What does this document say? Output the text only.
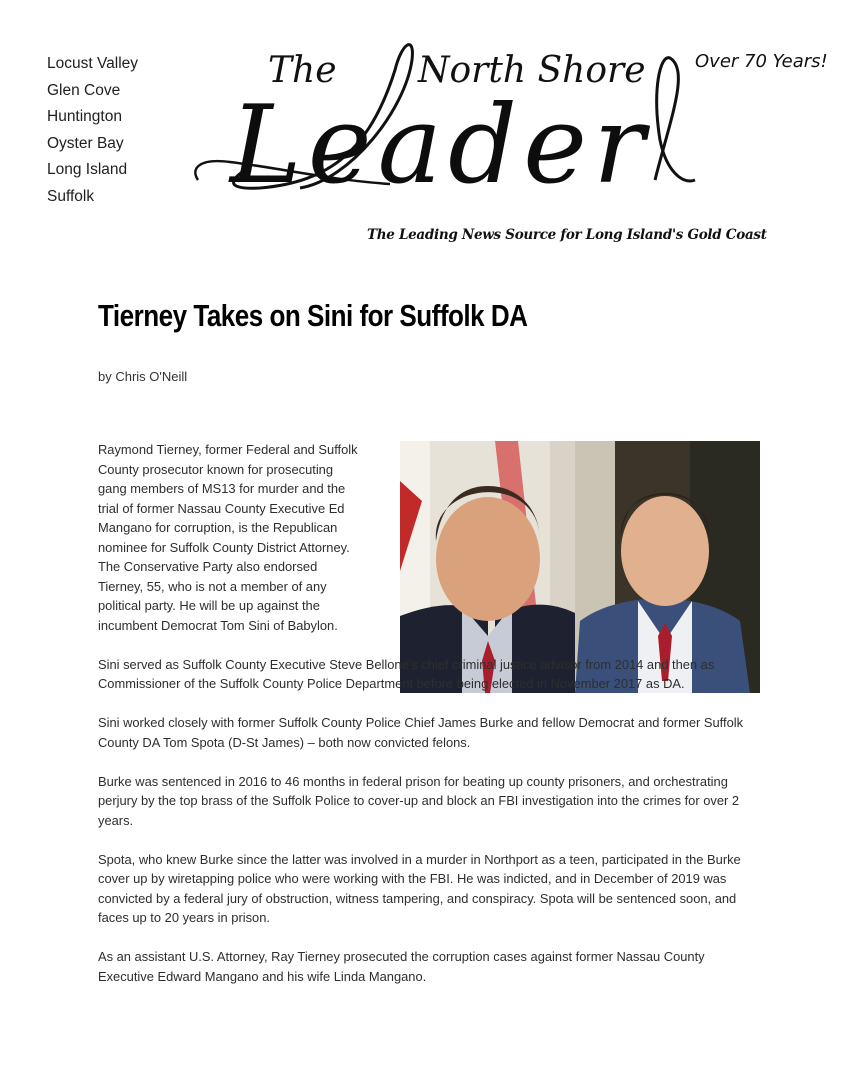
Locust Valley
Glen Cove
Huntington
Oyster Bay
Long Island
Suffolk
The North Shore
Leader
Over 70 Years!
The Leading News Source for Long Island's Gold Coast
Tierney Takes on Sini for Suffolk DA
by Chris O'Neill

Raymond Tierney, former Federal and Suffolk County prosecutor known for prosecuting gang members of MS13 for murder and the trial of former Nassau County Executive Ed Mangano for corruption, is the Republican nominee for Suffolk County District Attorney. The Conservative Party also endorsed Tierney, 55, who is not a member of any political party. He will be up against the incumbent Democrat Tom Sini of Babylon.

Sini served as Suffolk County Executive Steve Bellone's chief criminal justice advisor from 2014 and then as Commissioner of the Suffolk County Police Department before being elected in November 2017 as DA.

Sini worked closely with former Suffolk County Police Chief James Burke and fellow Democrat and former Suffolk County DA Tom Spota (D-St James) – both now convicted felons.

Burke was sentenced in 2016 to 46 months in federal prison for beating up county prisoners, and orchestrating perjury by the top brass of the Suffolk Police to cover-up and block an FBI investigation into the crimes for over 2 years.

Spota, who knew Burke since the latter was involved in a murder in Northport as a teen, participated in the Burke cover up by wiretapping police who were working with the FBI. He was indicted, and in December of 2019 was convicted by a federal jury of obstruction, witness tampering, and conspiracy. Spota will be sentenced soon, and faces up to 20 years in prison.

As an assistant U.S. Attorney, Ray Tierney prosecuted the corruption cases against former Nassau County Executive Edward Mangano and his wife Linda Mangano.
